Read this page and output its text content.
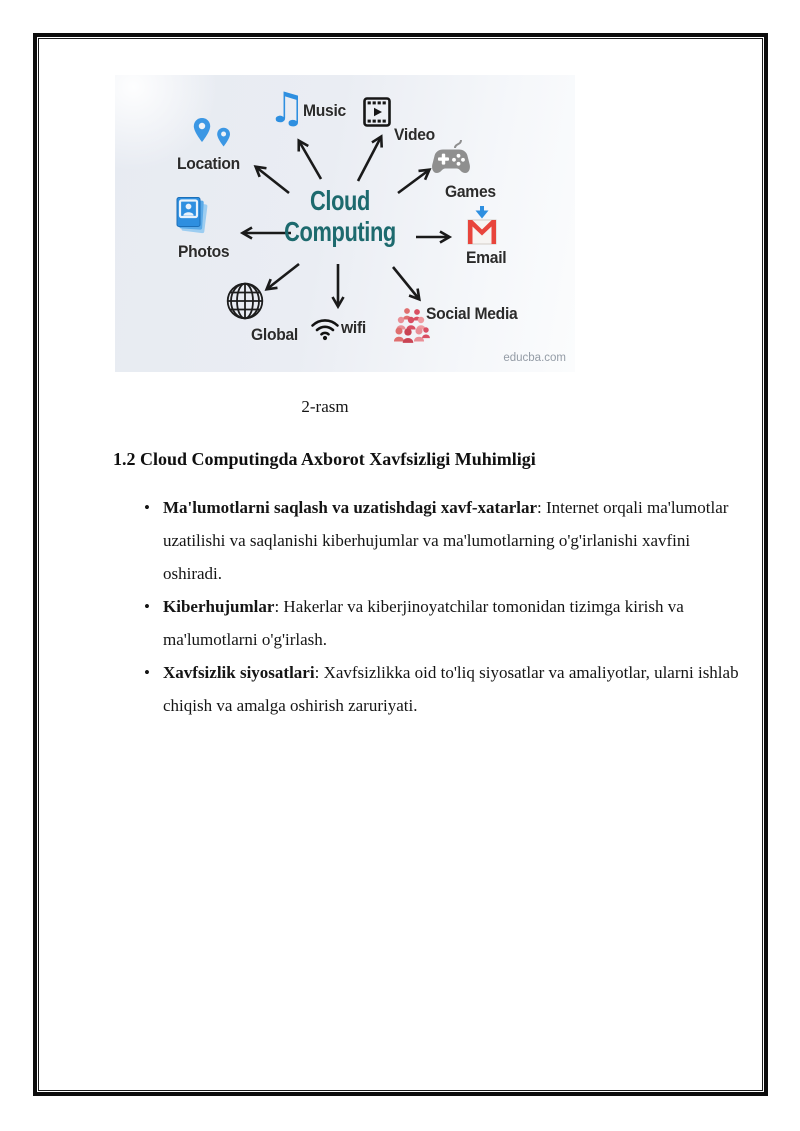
Cloud
Computing
Location
♫
Music
Video
Games
Photos	Email
Global	wifi
Social Media
educba.com
2-rasm
1.2 Cloud Computingda Axborot Xavfsizligi Muhimligi
• Ma'lumotlarni saqlash va uzatishdagi xavf-xatarlar: Internet orqali ma'lumotlar uzatilishi va saqlanishi kiberhujumlar va ma'lumotlarning o'g'irlanishi xavfini oshiradi.
• Kiberhujumlar: Hakerlar va kiberjinoyatchilar tomonidan tizimga kirish va ma'lumotlarni o'g'irlash.
• Xavfsizlik siyosatlari: Xavfsizlikka oid to'liq siyosatlar va amaliyotlar, ularni ishlab chiqish va amalga oshirish zaruriyati.
